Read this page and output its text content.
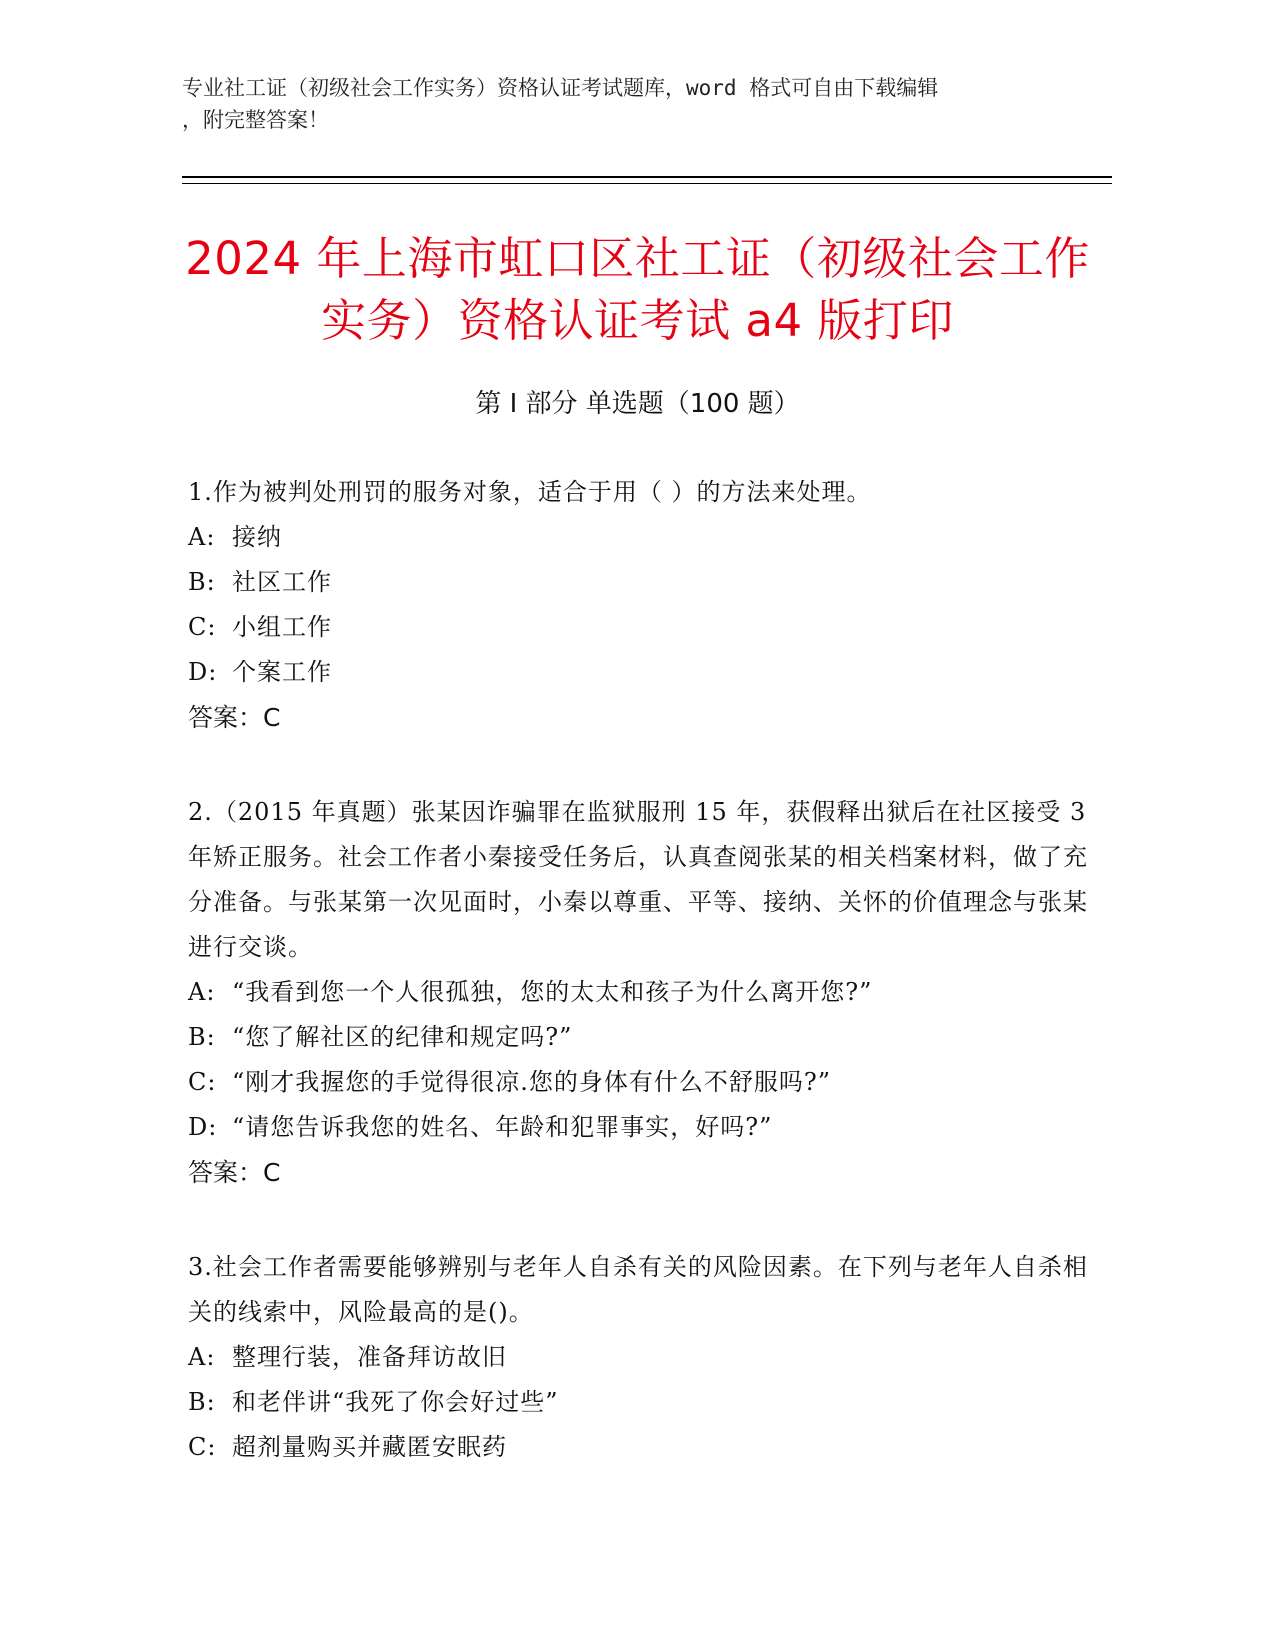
专业社工证（初级社会工作实务）资格认证考试题库，word 格式可自由下载编辑
，附完整答案！
2024 年上海市虹口区社工证（初级社会工作
实务）资格认证考试 a4 版打印
第 I 部分 单选题（100 题）

1.作为被判处刑罚的服务对象，适合于用（ ）的方法来处理。

A: 接纳

B: 社区工作

C: 小组工作

D: 个案工作

答案：C

2.（2015 年真题）张某因诈骗罪在监狱服刑 15 年，获假释出狱后在社区接受 3 年矫正服务。社会工作者小秦接受任务后，认真查阅张某的相关档案材料，做了充分准备。与张某第一次见面时，小秦以尊重、平等、接纳、关怀的价值理念与张某进行交谈。

A: “我看到您一个人很孤独，您的太太和孩子为什么离开您?”

B: “您了解社区的纪律和规定吗?”

C: “刚才我握您的手觉得很凉.您的身体有什么不舒服吗?”

D: “请您告诉我您的姓名、年龄和犯罪事实，好吗?”

答案：C

3.社会工作者需要能够辨别与老年人自杀有关的风险因素。在下列与老年人自杀相关的线索中，风险最高的是()。

A: 整理行装，准备拜访故旧

B: 和老伴讲“我死了你会好过些”

C: 超剂量购买并藏匿安眠药
